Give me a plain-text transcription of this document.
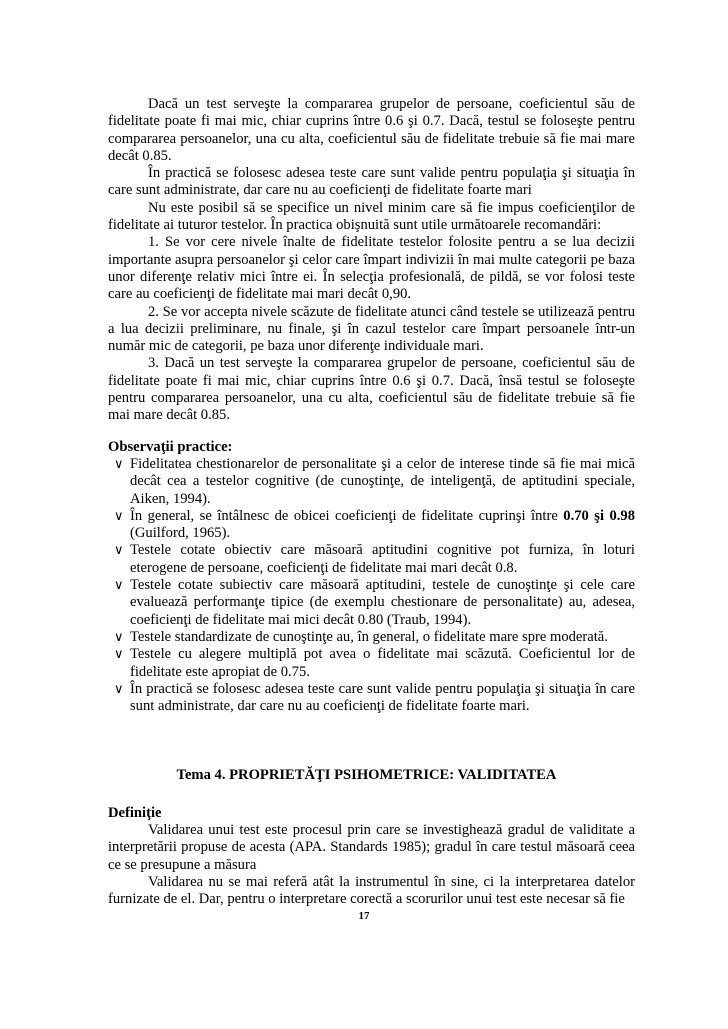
Dacă un test serveşte la compararea grupelor de persoane, coeficientul său de fidelitate poate fi mai mic, chiar cuprins între 0.6 şi 0.7. Dacă, testul se foloseşte pentru compararea persoanelor, una cu alta, coeficientul său de fidelitate trebuie să fie mai mare decât 0.85.

În practică se folosesc adesea teste care sunt valide pentru populaţia şi situaţia în care sunt administrate, dar care nu au coeficienţi de fidelitate foarte mari

Nu este posibil să se specifice un nivel minim care să fie impus coeficienţilor de fidelitate ai tuturor testelor. În practica obişnuită sunt utile următoarele recomandări:

1. Se vor cere nivele înalte de fidelitate testelor folosite pentru a se lua decizii importante asupra persoanelor şi celor care împart indivizii în mai multe categorii pe baza unor diferenţe relativ mici între ei. În selecţia profesională, de pildă, se vor folosi teste care au coeficienţi de fidelitate mai mari decât 0,90.

2. Se vor accepta nivele scăzute de fidelitate atunci când testele se utilizează pentru a lua decizii preliminare, nu finale, şi în cazul testelor care împart persoanele într-un număr mic de categorii, pe baza unor diferenţe individuale mari.

3. Dacă un test serveşte la compararea grupelor de persoane, coeficientul său de fidelitate poate fi mai mic, chiar cuprins între 0.6 şi 0.7. Dacă, însă testul se foloseşte pentru compararea persoanelor, una cu alta, coeficientul său de fidelitate trebuie să fie mai mare decât 0.85.

Observaţii practice:

∨ Fidelitatea chestionarelor de personalitate şi a celor de interese tinde să fie mai mică decât cea a testelor cognitive (de cunoştinţe, de inteligenţă, de aptitudini speciale, Aiken, 1994).
∨ În general, se întâlnesc de obicei coeficienţi de fidelitate cuprinşi între 0.70 şi 0.98 (Guilford, 1965).
∨ Testele cotate obiectiv care măsoară aptitudini cognitive pot furniza, în loturi eterogene de persoane, coeficienţi de fidelitate mai mari decât 0.8.
∨ Testele cotate subiectiv care măsoară aptitudini, testele de cunoştinţe şi cele care evaluează performanţe tipice (de exemplu chestionare de personalitate) au, adesea, coeficienţi de fidelitate mai mici decât 0.80 (Traub, 1994).
∨ Testele standardizate de cunoştinţe au, în general, o fidelitate mare spre moderată.
∨ Testele cu alegere multiplă pot avea o fidelitate mai scăzută. Coeficientul lor de fidelitate este apropiat de 0.75.
∨ În practică se folosesc adesea teste care sunt valide pentru populaţia şi situaţia în care sunt administrate, dar care nu au coeficienţi de fidelitate foarte mari.

Tema 4. PROPRIETĂŢI PSIHOMETRICE: VALIDITATEA

Definiţie

Validarea unui test este procesul prin care se investighează gradul de validitate a interpretării propuse de acesta (APA. Standards 1985); gradul în care testul măsoară ceea ce se presupune a măsura

Validarea nu se mai referă atât la instrumentul în sine, ci la interpretarea datelor furnizate de el. Dar, pentru o interpretare corectă a scorurilor unui test este necesar să fie

17
